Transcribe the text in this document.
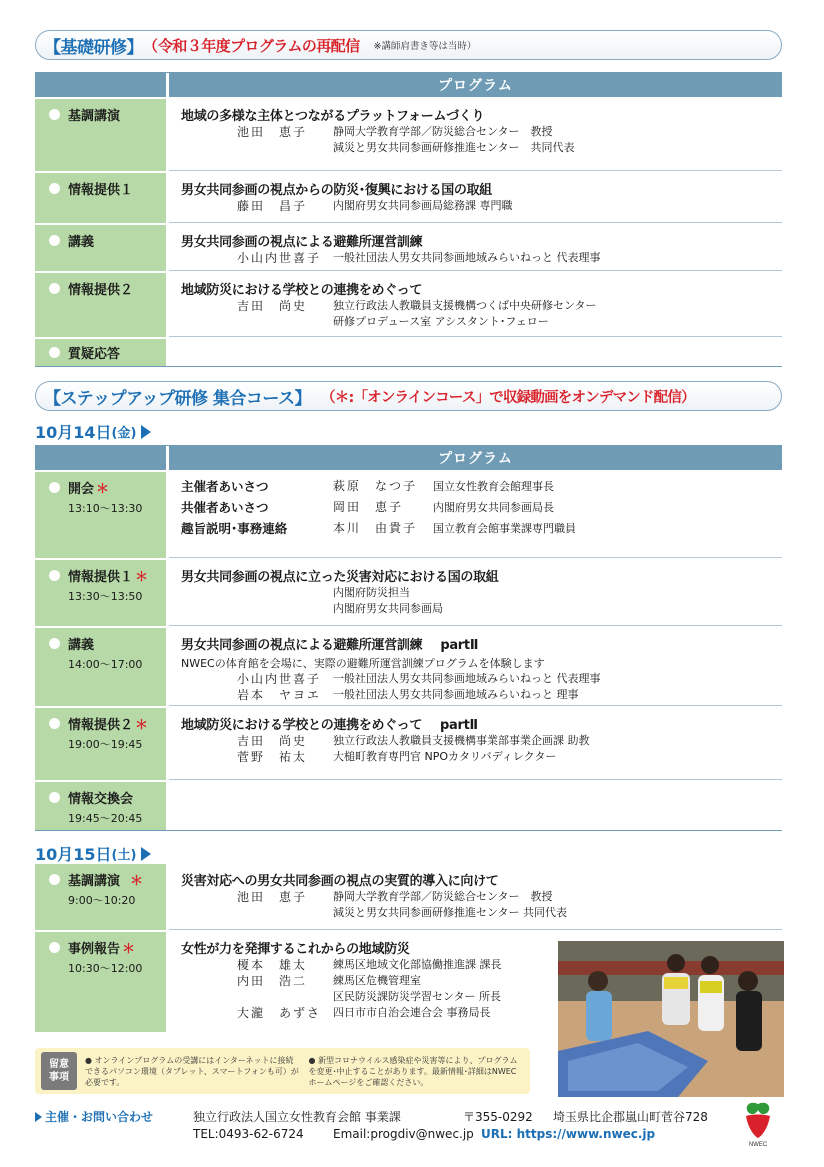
【基礎研修】 （ 令和３年度プログラムの再配信 ※講師肩書き等は当時）
プログラム
基調講演	地域の多様な主体とつながるプラットフォームづくり
池田　恵子	静岡大学教育学部／防災総合センター　教授
減災と男女共同参画研修推進センター　共同代表
情報提供１	男女共同参画の視点からの防災･復興における国の取組
藤田　昌子	内閣府男女共同参画局総務課 専門職
講義	男女共同参画の視点による避難所運営訓練
小山内世喜子	一般社団法人男女共同参画地域みらいねっと 代表理事
情報提供２	地域防災における学校との連携をめぐって
吉田　尚史	独立行政法人教職員支援機構つくば中央研修センター
研修プロデュース室 アシスタント･フェロー
質疑応答
【ステップアップ研修 集合コース】 （＊:「オンラインコース」で収録動画をオンデマンド配信）
10月14日 (金)
プログラム
開会 ＊
13:10～13:30
主催者あいさつ	萩原　なつ子	国立女性教育会館理事長
共催者あいさつ	岡田　恵子	内閣府男女共同参画局長
趣旨説明･事務連絡	本川　由貴子	国立教育会館事業課専門職員
情報提供１ ＊
13:30～13:50
男女共同参画の視点に立った災害対応における国の取組
内閣府防災担当
内閣府男女共同参画局
講義
14:00～17:00
男女共同参画の視点による避難所運営訓練 partⅡ
NWECの体育館を会場に、実際の避難所運営訓練プログラムを体験します
小山内世喜子	一般社団法人男女共同参画地域みらいねっと 代表理事
岩本　ヤヨエ	一般社団法人男女共同参画地域みらいねっと 理事
情報提供２ ＊
19:00～19:45
地域防災における学校との連携をめぐって partⅡ
吉田　尚史	独立行政法人教職員支援機構事業部事業企画課 助教
菅野　祐太	大槌町教育専門官 NPOカタリバディレクター
情報交換会
19:45～20:45
10月15日 (土)
基調講演 ＊
9:00～10:20
災害対応への男女共同参画の視点の実質的導入に向けて
池田　恵子	静岡大学教育学部／防災総合センター　教授
減災と男女共同参画研修推進センター 共同代表
事例報告 ＊
10:30～12:00
女性が力を発揮するこれからの地域防災
榎本　雄太	練馬区地域文化部協働推進課 課長
内田　浩二	練馬区危機管理室
区民防災課防災学習センター 所長
大瀧　あずさ	四日市市自治会連合会 事務局長
留意
事項
● オンラインプログラムの受講にはインターネットに接続できるパソコン環境（タブレット、スマートフォンも可）が必要です。
● 新型コロナウイルス感染症や災害等により、プログラムを変更･中止することがあります。最新情報･詳細はNWECホームページをご確認ください。
主催・お問い合わせ	独立行政法人国立女性教育会館 事業課	〒355-0292 埼玉県比企郡嵐山町菅谷728
TEL:0493-62-6724 Email:progdiv@nwec.jp URL: https://www.nwec.jp
NWEC
